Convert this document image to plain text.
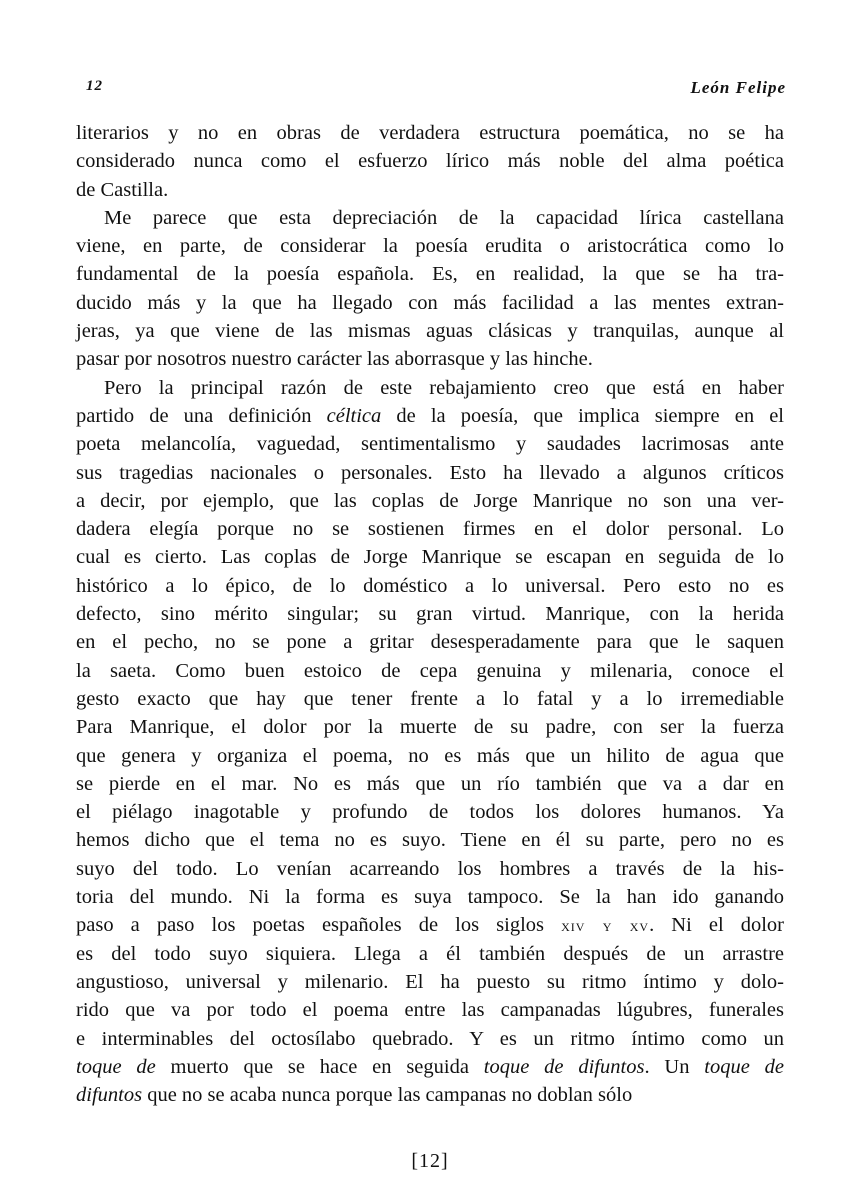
12	León Felipe
literarios y no en obras de verdadera estructura poemática, no se ha
considerado nunca como el esfuerzo lírico más noble del alma poética
de Castilla.
Me parece que esta depreciación de la capacidad lírica castellana
viene, en parte, de considerar la poesía erudita o aristocrática como lo
fundamental de la poesía española. Es, en realidad, la que se ha tra-
ducido más y la que ha llegado con más facilidad a las mentes extran-
jeras, ya que viene de las mismas aguas clásicas y tranquilas, aunque al
pasar por nosotros nuestro carácter las aborrasque y las hinche.
Pero la principal razón de este rebajamiento creo que está en haber
partido de una definición céltica de la poesía, que implica siempre en el
poeta melancolía, vaguedad, sentimentalismo y saudades lacrimosas ante
sus tragedias nacionales o personales. Esto ha llevado a algunos críticos
a decir, por ejemplo, que las coplas de Jorge Manrique no son una ver-
dadera elegía porque no se sostienen firmes en el dolor personal. Lo
cual es cierto. Las coplas de Jorge Manrique se escapan en seguida de lo
histórico a lo épico, de lo doméstico a lo universal. Pero esto no es
defecto, sino mérito singular; su gran virtud. Manrique, con la herida
en el pecho, no se pone a gritar desesperadamente para que le saquen
la saeta. Como buen estoico de cepa genuina y milenaria, conoce el
gesto exacto que hay que tener frente a lo fatal y a lo irremediable
Para Manrique, el dolor por la muerte de su padre, con ser la fuerza
que genera y organiza el poema, no es más que un hilito de agua que
se pierde en el mar. No es más que un río también que va a dar en
el piélago inagotable y profundo de todos los dolores humanos. Ya
hemos dicho que el tema no es suyo. Tiene en él su parte, pero no es
suyo del todo. Lo venían acarreando los hombres a través de la his-
toria del mundo. Ni la forma es suya tampoco. Se la han ido ganando
paso a paso los poetas españoles de los siglos xiv y xv. Ni el dolor
es del todo suyo siquiera. Llega a él también después de un arrastre
angustioso, universal y milenario. El ha puesto su ritmo íntimo y dolo-
rido que va por todo el poema entre las campanadas lúgubres, funerales
e interminables del octosílabo quebrado. Y es un ritmo íntimo como un
toque de muerto que se hace en seguida toque de difuntos. Un toque de
difuntos que no se acaba nunca porque las campanas no doblan sólo
[12]
